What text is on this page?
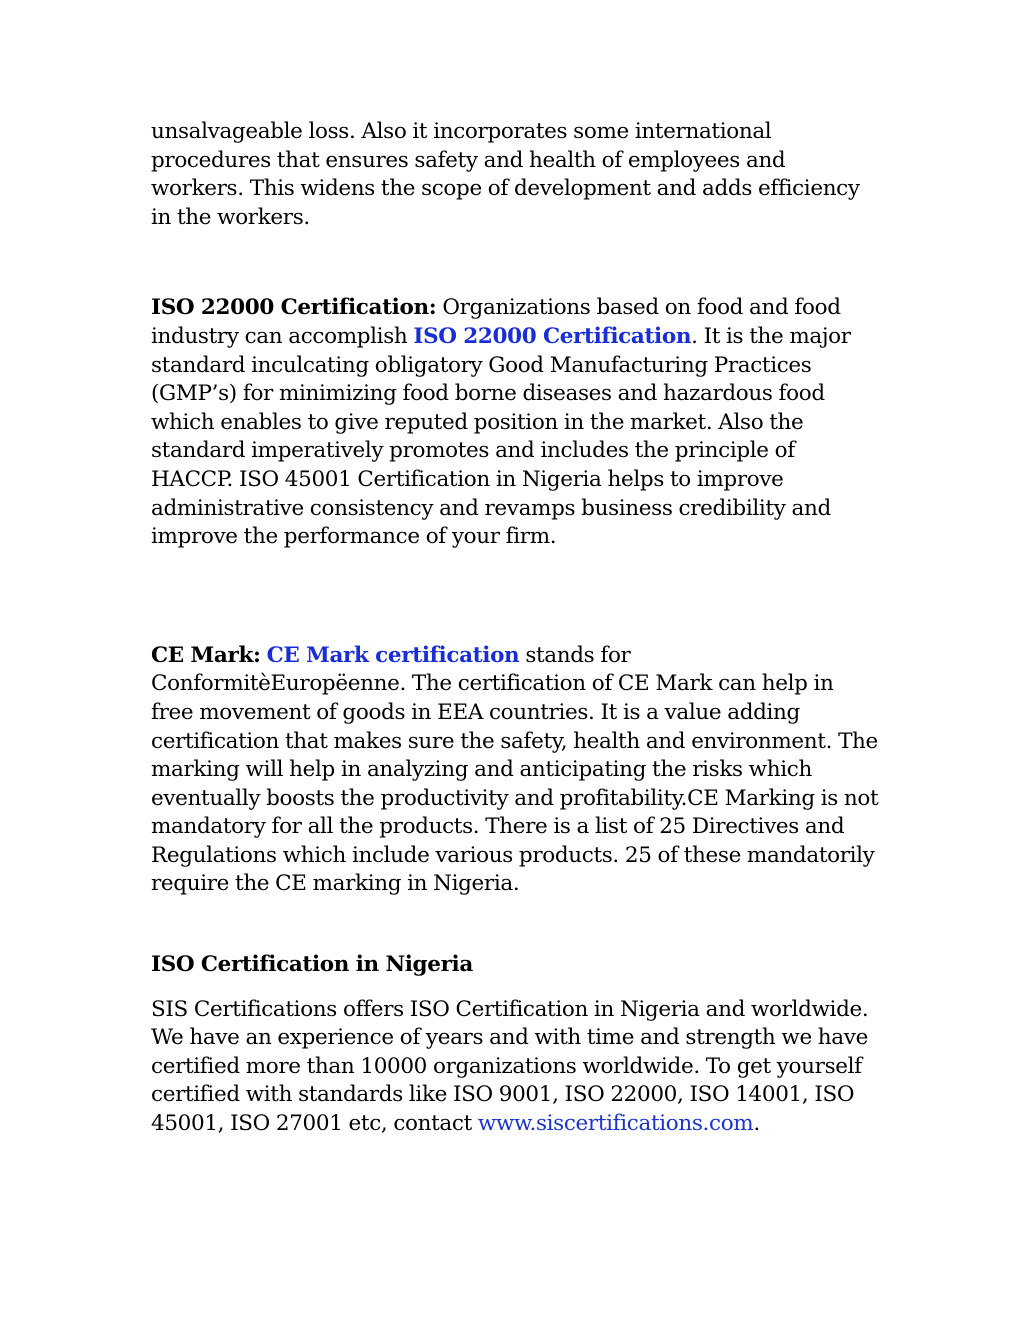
unsalvageable loss. Also it incorporates some international procedures that ensures safety and health of employees and workers. This widens the scope of development and adds efficiency in the workers.

ISO 22000 Certification: Organizations based on food and food industry can accomplish ISO 22000 Certification. It is the major standard inculcating obligatory Good Manufacturing Practices (GMP’s) for minimizing food borne diseases and hazardous food which enables to give reputed position in the market. Also the standard imperatively promotes and includes the principle of HACCP. ISO 45001 Certification in Nigeria helps to improve administrative consistency and revamps business credibility and improve the performance of your firm.

CE Mark: CE Mark certification stands for ConformitèEuropëenne. The certification of CE Mark can help in free movement of goods in EEA countries. It is a value adding certification that makes sure the safety, health and environment. The marking will help in analyzing and anticipating the risks which eventually boosts the productivity and profitability.CE Marking is not mandatory for all the products. There is a list of 25 Directives and Regulations which include various products. 25 of these mandatorily require the CE marking in Nigeria.

ISO Certification in Nigeria

SIS Certifications offers ISO Certification in Nigeria and worldwide. We have an experience of years and with time and strength we have certified more than 10000 organizations worldwide. To get yourself certified with standards like ISO 9001, ISO 22000, ISO 14001, ISO 45001, ISO 27001 etc, contact www.siscertifications.com.
